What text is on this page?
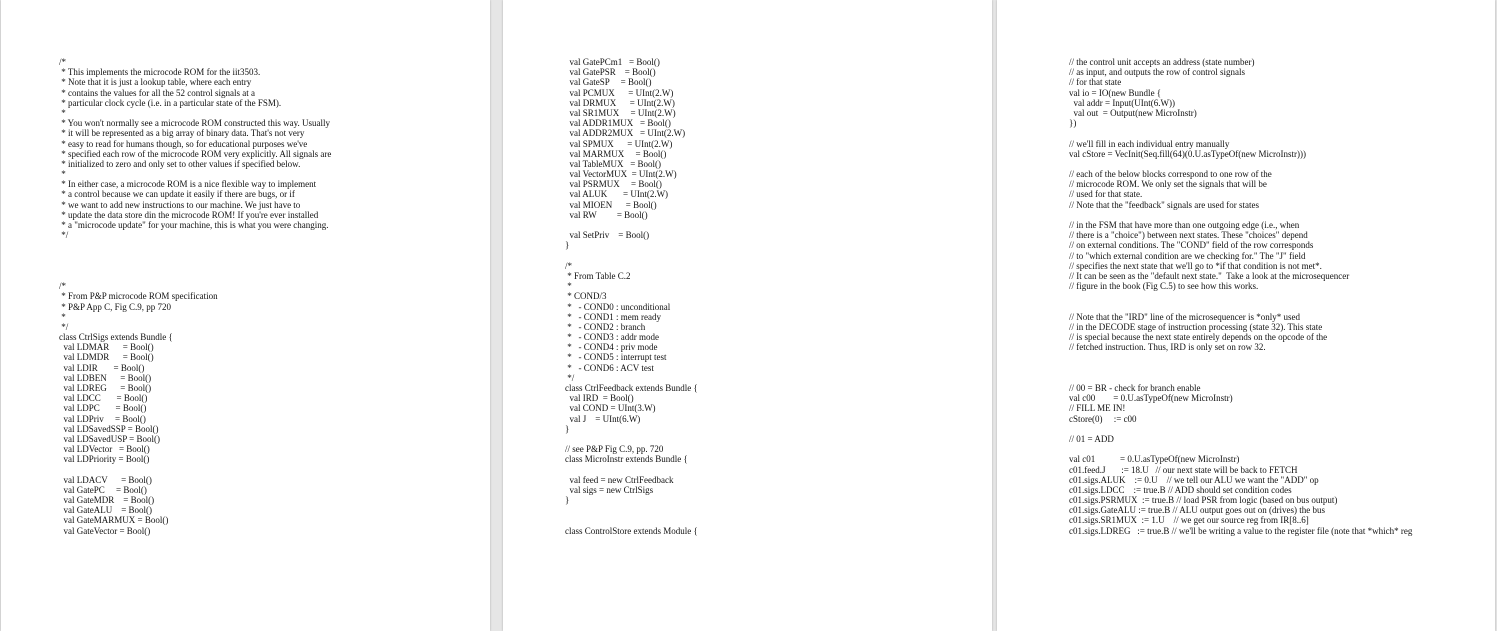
/*
* This implements the microcode ROM for the iit3503.
* Note that it is just a lookup table, where each entry
* contains the values for all the 52 control signals at a
* particular clock cycle (i.e. in a particular state of the FSM).
*
* You won't normally see a microcode ROM constructed this way. Usually
* it will be represented as a big array of binary data. That's not very
* easy to read for humans though, so for educational purposes we've
* specified each row of the microcode ROM very explicitly. All signals are
* initialized to zero and only set to other values if specified below.
*
* In either case, a microcode ROM is a nice flexible way to implement
* a control because we can update it easily if there are bugs, or if
* we want to add new instructions to our machine. We just have to
* update the data store din the microcode ROM! If you're ever installed
* a "microcode update" for your machine, this is what you were changing.
*/
/*
* From P&P microcode ROM specification
* P&P App C, Fig C.9, pp 720
*
*/
class CtrlSigs extends Bundle {
val LDMAR      = Bool()
val LDMDR      = Bool()
val LDIR       = Bool()
val LDBEN      = Bool()
val LDREG      = Bool()
val LDCC       = Bool()
val LDPC       = Bool()
val LDPriv     = Bool()
val LDSavedSSP = Bool()
val LDSavedUSP = Bool()
val LDVector   = Bool()
val LDPriority = Bool()
val LDACV      = Bool()
val GatePC     = Bool()
val GateMDR    = Bool()
val GateALU    = Bool()
val GateMARMUX = Bool()
val GateVector = Bool()
val GatePCm1   = Bool()
val GatePSR    = Bool()
val GateSP     = Bool()
val PCMUX      = UInt(2.W)
val DRMUX      = UInt(2.W)
val SR1MUX     = UInt(2.W)
val ADDR1MUX   = Bool()
val ADDR2MUX   = UInt(2.W)
val SPMUX      = UInt(2.W)
val MARMUX     = Bool()
val TableMUX   = Bool()
val VectorMUX  = UInt(2.W)
val PSRMUX     = Bool()
val ALUK       = UInt(2.W)
val MIOEN      = Bool()
val RW         = Bool()
val SetPriv    = Bool()
}
/*
* From Table C.2
*
* COND/3
*   - COND0 : unconditional
*   - COND1 : mem ready
*   - COND2 : branch
*   - COND3 : addr mode
*   - COND4 : priv mode
*   - COND5 : interrupt test
*   - COND6 : ACV test
*/
class CtrlFeedback extends Bundle {
val IRD  = Bool()
val COND = UInt(3.W)
val J    = UInt(6.W)
}
// see P&P Fig C.9, pp. 720
class MicroInstr extends Bundle {
val feed = new CtrlFeedback
val sigs = new CtrlSigs
}
class ControlStore extends Module {
// the control unit accepts an address (state number)
// as input, and outputs the row of control signals
// for that state
val io = IO(new Bundle {
val addr = Input(UInt(6.W))
val out  = Output(new MicroInstr)
})
// we'll fill in each individual entry manually
val cStore = VecInit(Seq.fill(64)(0.U.asTypeOf(new MicroInstr)))
// each of the below blocks correspond to one row of the
// microcode ROM. We only set the signals that will be
// used for that state.
// Note that the "feedback" signals are used for states
// in the FSM that have more than one outgoing edge (i.e., when
// there is a "choice") between next states. These "choices" depend
// on external conditions. The "COND" field of the row corresponds
// to "which external condition are we checking for." The "J" field
// specifies the next state that we'll go to *if that condition is not met*.
// It can be seen as the "default next state."  Take a look at the microsequencer
// figure in the book (Fig C.5) to see how this works.
// Note that the "IRD" line of the microsequencer is *only* used
// in the DECODE stage of instruction processing (state 32). This state
// is special because the next state entirely depends on the opcode of the
// fetched instruction. Thus, IRD is only set on row 32.
// 00 = BR - check for branch enable
val c00        = 0.U.asTypeOf(new MicroInstr)
// FILL ME IN!
cStore(0)     := c00
// 01 = ADD
val c01           = 0.U.asTypeOf(new MicroInstr)
c01.feed.J       := 18.U   // our next state will be back to FETCH
c01.sigs.ALUK    := 0.U    // we tell our ALU we want the "ADD" op
c01.sigs.LDCC    := true.B // ADD should set condition codes
c01.sigs.PSRMUX  := true.B // load PSR from logic (based on bus output)
c01.sigs.GateALU := true.B // ALU output goes out on (drives) the bus
c01.sigs.SR1MUX  := 1.U    // we get our source reg from IR[8..6]
c01.sigs.LDREG   := true.B // we'll be writing a value to the register file (note that *which* reg
